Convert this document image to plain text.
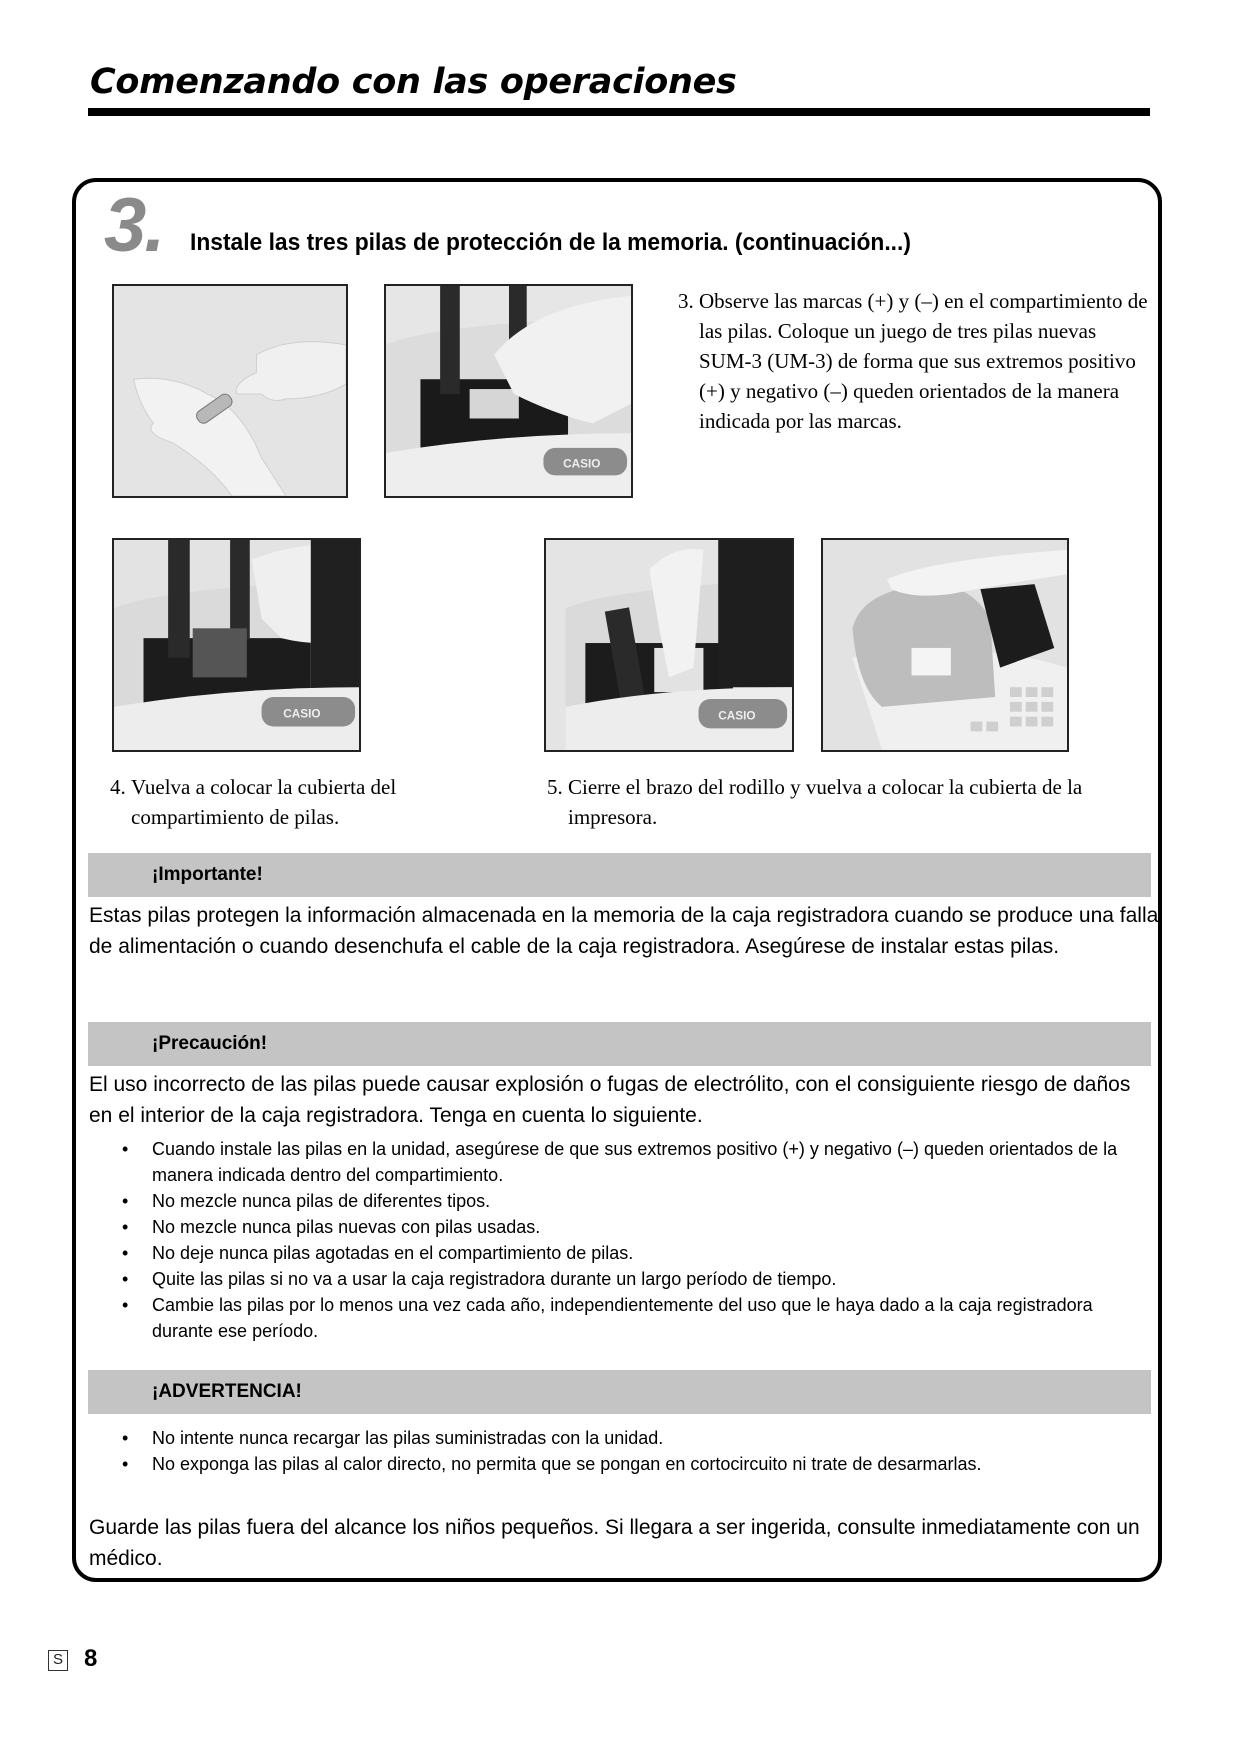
Comenzando con las operaciones
3. Instale las tres pilas de protección de la memoria. (continuación...)
CASIO
3. Observe las marcas (+) y (–) en el compartimiento de las pilas. Coloque un juego de tres pilas nuevas SUM-3 (UM-3) de forma que sus extremos positivo (+) y negativo (–) queden orientados de la manera indicada por las marcas.
CASIO	CASIO
4. Vuelva a colocar la cubierta del compartimiento de pilas.
5. Cierre el brazo del rodillo y vuelva a colocar la cubierta de la impresora.
¡Importante!
Estas pilas protegen la información almacenada en la memoria de la caja registradora cuando se produce una falla de alimentación o cuando desenchufa el cable de la caja registradora. Asegúrese de instalar estas pilas.
¡Precaución!
El uso incorrecto de las pilas puede causar explosión o fugas de electrólito, con el consiguiente riesgo de daños en el interior de la caja registradora. Tenga en cuenta lo siguiente.
• Cuando instale las pilas en la unidad, asegúrese de que sus extremos positivo (+) y negativo (–) queden orientados de la manera indicada dentro del compartimiento.
• No mezcle nunca pilas de diferentes tipos.
• No mezcle nunca pilas nuevas con pilas usadas.
• No deje nunca pilas agotadas en el compartimiento de pilas.
• Quite las pilas si no va a usar la caja registradora durante un largo período de tiempo.
• Cambie las pilas por lo menos una vez cada año, independientemente del uso que le haya dado a la caja registradora durante ese período.
¡ADVERTENCIA!
• No intente nunca recargar las pilas suministradas con la unidad.
• No exponga las pilas al calor directo, no permita que se pongan en cortocircuito ni trate de desarmarlas.
Guarde las pilas fuera del alcance los niños pequeños. Si llegara a ser ingerida, consulte inmediatamente con un médico.
S 8
